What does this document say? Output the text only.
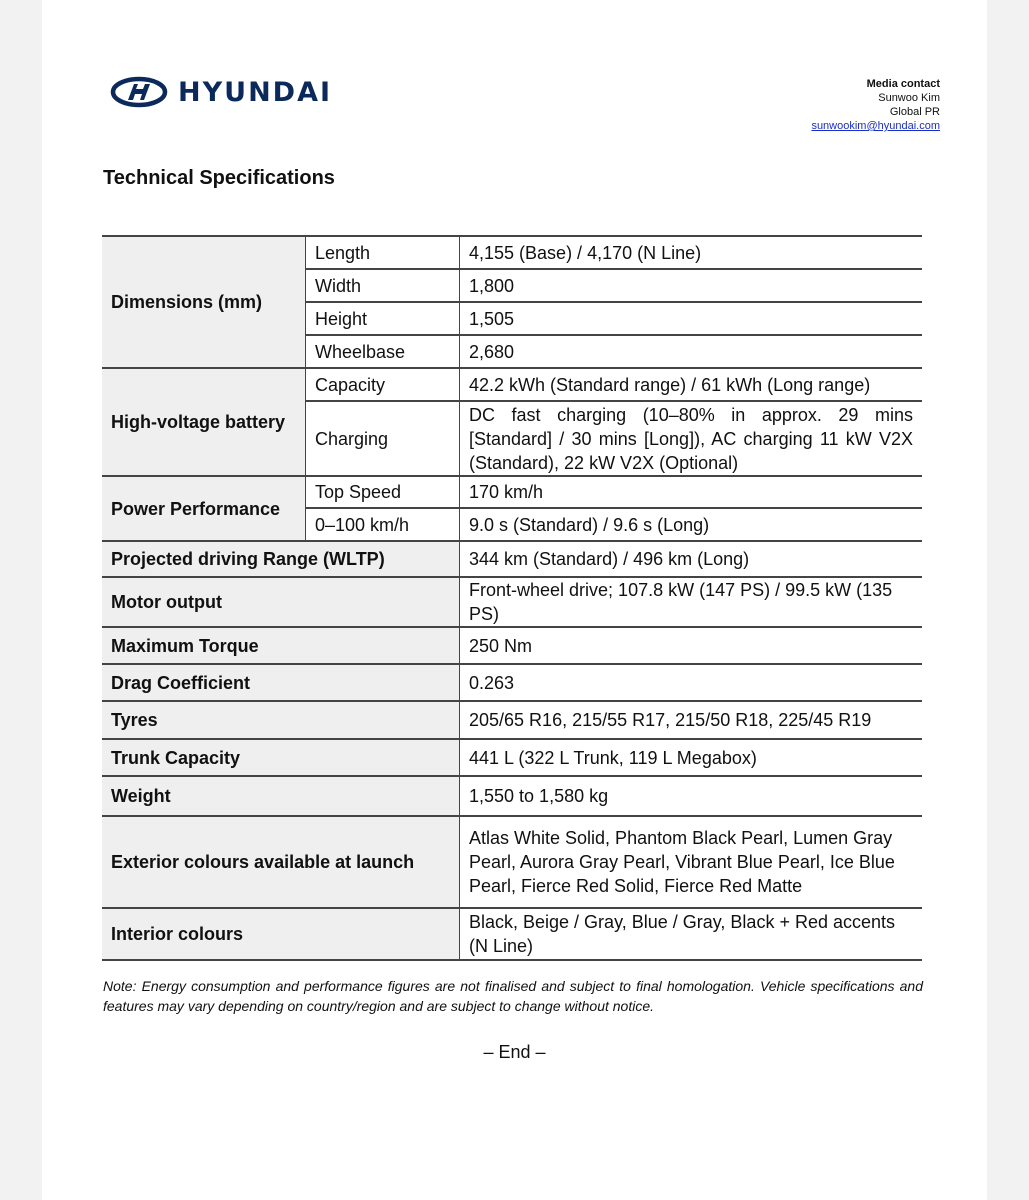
HYUNDAI	Media contact
Sunwoo Kim
Global PR
sunwookim@hyundai.com
Technical Specifications
Dimensions (mm)	Length	4,155 (Base) / 4,170 (N Line)
	Width	1,800
	Height	1,505
	Wheelbase	2,680
High-voltage battery	Capacity	42.2 kWh (Standard range) / 61 kWh (Long range)
	Charging	DC fast charging (10–80% in approx. 29 mins [Standard] / 30 mins [Long]), AC charging 11 kW V2X (Standard), 22 kW V2X (Optional)
Power Performance	Top Speed	170 km/h
	0–100 km/h	9.0 s (Standard) / 9.6 s (Long)
Projected driving Range (WLTP)		344 km (Standard) / 496 km (Long)
Motor output		Front-wheel drive; 107.8 kW (147 PS) / 99.5 kW (135 PS)
Maximum Torque		250 Nm
Drag Coefficient		0.263
Tyres		205/65 R16, 215/55 R17, 215/50 R18, 225/45 R19
Trunk Capacity		441 L (322 L Trunk, 119 L Megabox)
Weight		1,550 to 1,580 kg
Exterior colours available at launch		Atlas White Solid, Phantom Black Pearl, Lumen Gray Pearl, Aurora Gray Pearl, Vibrant Blue Pearl, Ice Blue Pearl, Fierce Red Solid, Fierce Red Matte
Interior colours		Black, Beige / Gray, Blue / Gray, Black + Red accents (N Line)
Note: Energy consumption and performance figures are not finalised and subject to final homologation. Vehicle specifications and features may vary depending on country/region and are subject to change without notice.
– End –
